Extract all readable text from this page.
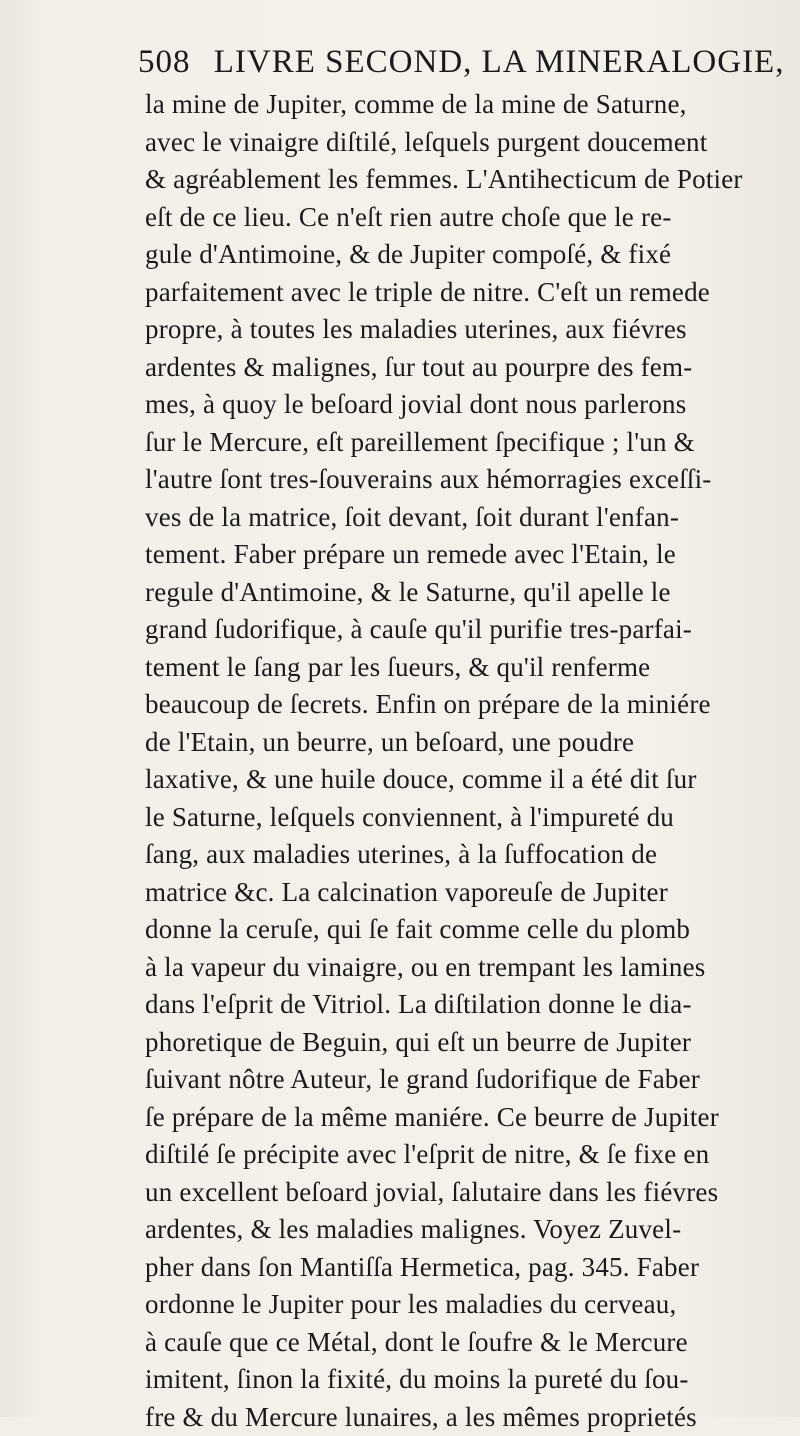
508 LIVRE SECOND, LA MINERALOGIE,
la mine de Jupiter, comme de la mine de Saturne,
avec le vinaigre diſtilé, leſquels purgent doucement
& agréablement les femmes. L'Antihecticum de Potier
eſt de ce lieu. Ce n'eſt rien autre choſe que le re-
gule d'Antimoine, & de Jupiter compoſé, & fixé
parfaitement avec le triple de nitre. C'eſt un remede
propre, à toutes les maladies uterines, aux fiévres
ardentes & malignes, ſur tout au pourpre des fem-
mes, à quoy le beſoard jovial dont nous parlerons
ſur le Mercure, eſt pareillement ſpecifique ; l'un &
l'autre ſont tres-ſouverains aux hémorragies exceſſi-
ves de la matrice, ſoit devant, ſoit durant l'enfan-
tement. Faber prépare un remede avec l'Etain, le
regule d'Antimoine, & le Saturne, qu'il apelle le
grand ſudorifique, à cauſe qu'il purifie tres-parfai-
tement le ſang par les ſueurs, & qu'il renferme
beaucoup de ſecrets. Enfin on prépare de la miniére
de l'Etain, un beurre, un beſoard, une poudre
laxative, & une huile douce, comme il a été dit ſur
le Saturne, leſquels conviennent, à l'impureté du
ſang, aux maladies uterines, à la ſuffocation de
matrice &c. La calcination vaporeuſe de Jupiter
donne la ceruſe, qui ſe fait comme celle du plomb
à la vapeur du vinaigre, ou en trempant les lamines
dans l'eſprit de Vitriol. La diſtilation donne le dia-
phoretique de Beguin, qui eſt un beurre de Jupiter
ſuivant nôtre Auteur, le grand ſudorifique de Faber
ſe prépare de la même maniére. Ce beurre de Jupiter
diſtilé ſe précipite avec l'eſprit de nitre, & ſe fixe en
un excellent beſoard jovial, ſalutaire dans les fiévres
ardentes, & les maladies malignes. Voyez Zuvel-
pher dans ſon Mantiſſa Hermetica, pag. 345. Faber
ordonne le Jupiter pour les maladies du cerveau,
à cauſe que ce Métal, dont le ſoufre & le Mercure
imitent, ſinon la fixité, du moins la pureté du ſou-
fre & du Mercure lunaires, a les mêmes proprietés
